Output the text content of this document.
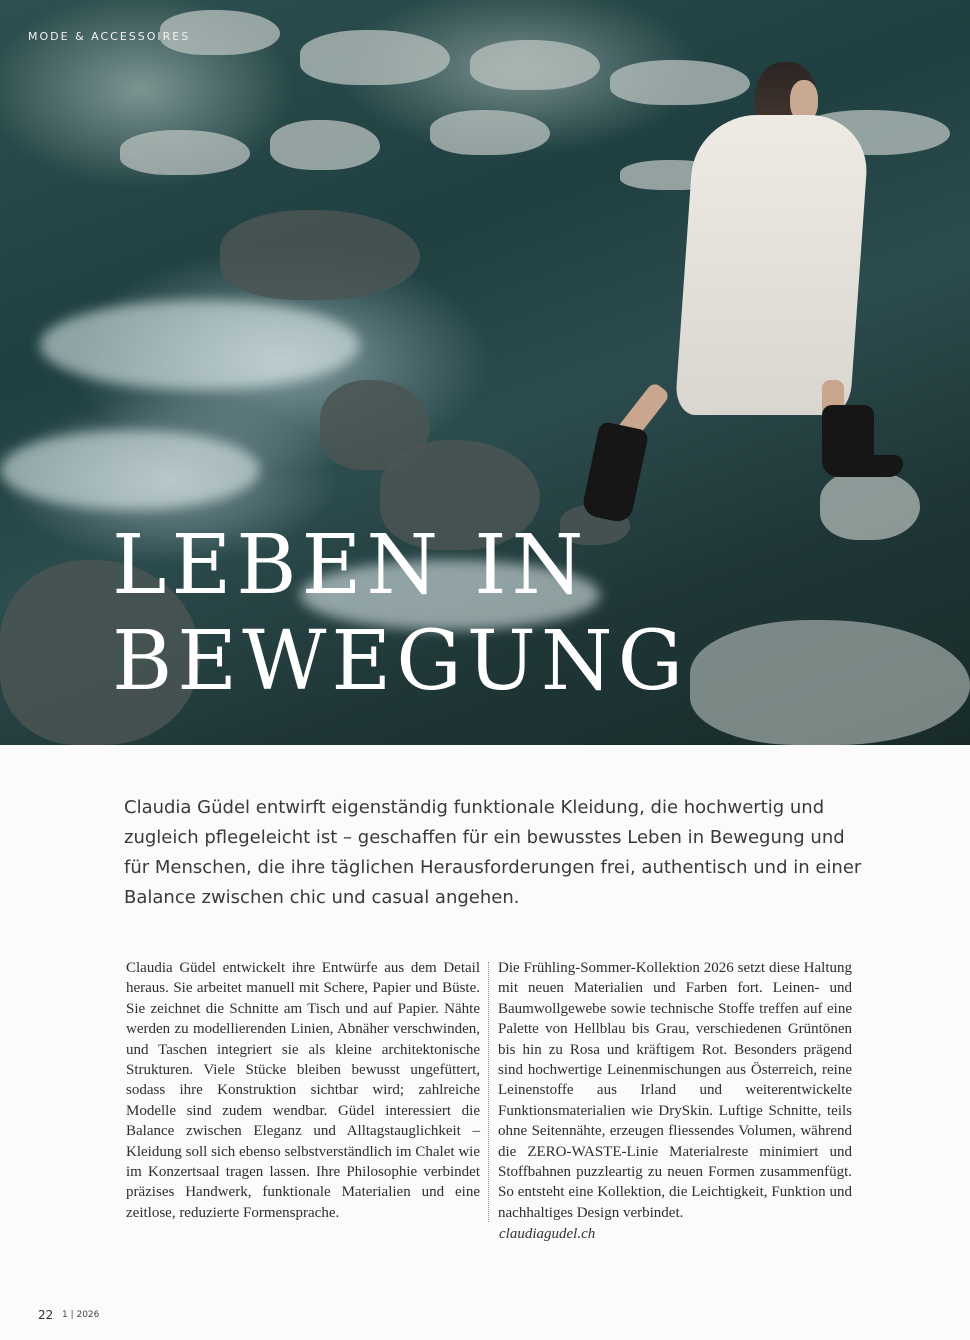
MODE & ACCESSOIRES
LEBEN IN
BEWEGUNG

Claudia Güdel entwirft eigenständig funktionale Kleidung, die hochwertig und zugleich pflegeleicht ist – geschaffen für ein bewusstes Leben in Bewegung und für Menschen, die ihre täglichen Herausforderungen frei, authentisch und in einer Balance zwischen chic und casual angehen.

Claudia Güdel entwickelt ihre Entwürfe aus dem Detail heraus. Sie arbeitet manuell mit Schere, Papier und Büste. Sie zeichnet die Schnitte am Tisch und auf Papier. Nähte werden zu modellierenden Linien, Abnäher verschwinden, und Taschen integriert sie als kleine architektonische Strukturen. Viele Stücke bleiben bewusst ungefüttert, sodass ihre Konstruktion sichtbar wird; zahlreiche Modelle sind zudem wendbar. Güdel interessiert die Balance zwischen Eleganz und Alltagstauglichkeit – Kleidung soll sich ebenso selbstverständlich im Chalet wie im Konzertsaal tragen lassen. Ihre Philosophie verbindet präzises Handwerk, funktionale Materialien und eine zeitlose, reduzierte Formensprache.

Die Frühling-Sommer-Kollektion 2026 setzt diese Haltung mit neuen Materialien und Farben fort. Leinen- und Baumwollgewebe sowie technische Stoffe treffen auf eine Palette von Hellblau bis Grau, verschiedenen Grüntönen bis hin zu Rosa und kräftigem Rot. Besonders prägend sind hochwertige Leinenmischungen aus Österreich, reine Leinenstoffe aus Irland und weiterentwickelte Funktionsmaterialien wie DrySkin. Luftige Schnitte, teils ohne Seitennähte, erzeugen fliessendes Volumen, während die ZERO-WASTE-Linie Materialreste minimiert und Stoffbahnen puzzleartig zu neuen Formen zusammenfügt. So entsteht eine Kollektion, die Leichtigkeit, Funktion und nachhaltiges Design verbindet.

claudiagudel.ch
22 1 | 2026
